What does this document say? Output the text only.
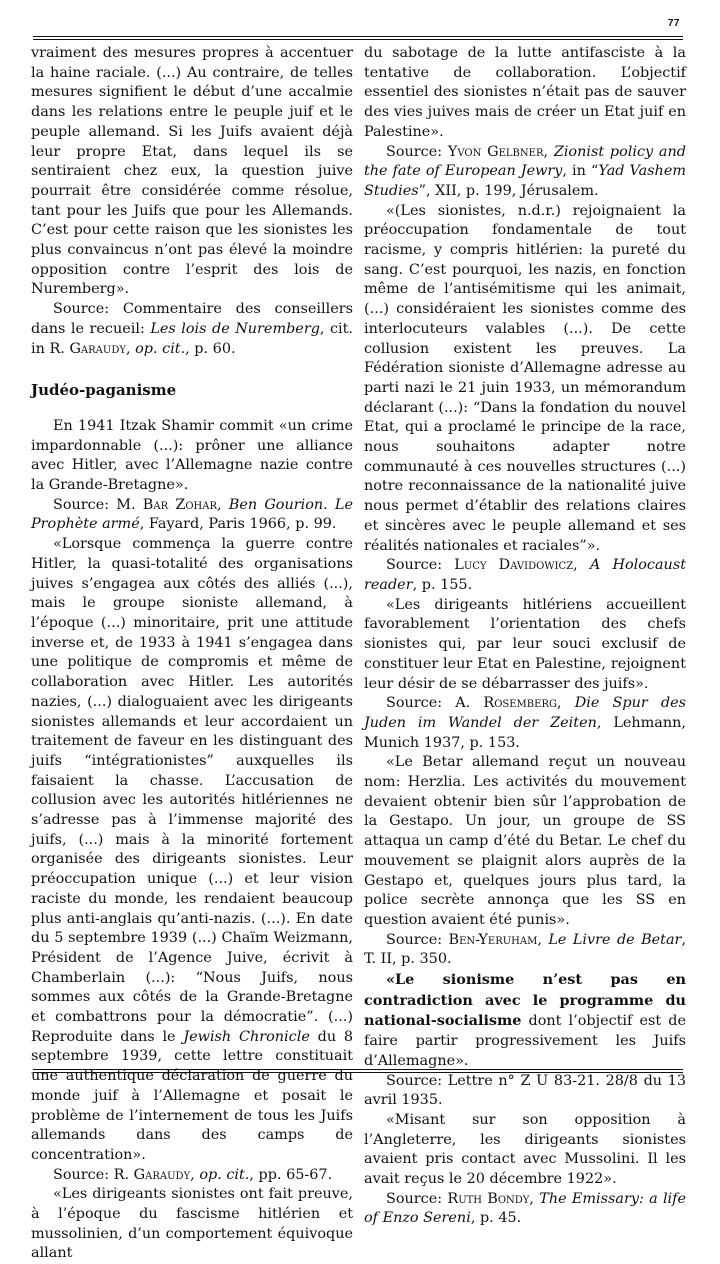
77

vraiment des mesures propres à accentuer la haine raciale. (...) Au contraire, de telles mesures signifient le début d’une accalmie dans les relations entre le peuple juif et le peuple allemand. Si les Juifs avaient déjà leur propre Etat, dans lequel ils se sentiraient chez eux, la question juive pourrait être considérée comme résolue, tant pour les Juifs que pour les Allemands. C’est pour cette raison que les sionistes les plus convaincus n’ont pas élevé la moindre opposition contre l’esprit des lois de Nuremberg».

Source: Commentaire des conseillers dans le recueil: Les lois de Nuremberg, cit. in R. Garaudy, op. cit., p. 60.

Judéo-paganisme

En 1941 Itzak Shamir commit «un crime impardonnable (...): prôner une alliance avec Hitler, avec l’Allemagne nazie contre la Grande-Bretagne».

Source: M. Bar Zohar, Ben Gourion. Le Prophète armé, Fayard, Paris 1966, p. 99.

«Lorsque commença la guerre contre Hitler, la quasi-totalité des organisations juives s’engagea aux côtés des alliés (...), mais le groupe sioniste allemand, à l’époque (...) minoritaire, prit une attitude inverse et, de 1933 à 1941 s’engagea dans une politique de compromis et même de collaboration avec Hitler. Les autorités nazies, (...) dialoguaient avec les dirigeants sionistes allemands et leur accordaient un traitement de faveur en les distinguant des juifs “intégrationistes” auxquelles ils faisaient la chasse. L’accusation de collusion avec les autorités hitlériennes ne s’adresse pas à l’immense majorité des juifs, (...) mais à la minorité fortement organisée des dirigeants sionistes. Leur préoccupation unique (...) et leur vision raciste du monde, les rendaient beaucoup plus anti-anglais qu’anti-nazis. (...). En date du 5 septembre 1939 (...) Chaïm Weizmann, Président de l’Agence Juive, écrivit à Chamberlain (...): “Nous Juifs, nous sommes aux côtés de la Grande-Bretagne et combattrons pour la démocratie”. (...) Reproduite dans le Jewish Chronicle du 8 septembre 1939, cette lettre constituait une authentique déclaration de guerre du monde juif à l’Allemagne et posait le problème de l’internement de tous les Juifs allemands dans des camps de concentration».

Source: R. Garaudy, op. cit., pp. 65-67.

«Les dirigeants sionistes ont fait preuve, à l’époque du fascisme hitlérien et mussolinien, d’un comportement équivoque allant

du sabotage de la lutte antifasciste à la tentative de collaboration. L’objectif essentiel des sionistes n’était pas de sauver des vies juives mais de créer un Etat juif en Palestine».

Source: Yvon Gelbner, Zionist policy and the fate of European Jewry, in “Yad Vashem Studies”, XII, p. 199, Jérusalem.

«(Les sionistes, n.d.r.) rejoignaient la préoccupation fondamentale de tout racisme, y compris hitlérien: la pureté du sang. C’est pourquoi, les nazis, en fonction même de l’antisémitisme qui les animait, (...) considéraient les sionistes comme des interlocuteurs valables (...). De cette collusion existent les preuves. La Fédération sioniste d’Allemagne adresse au parti nazi le 21 juin 1933, un mémorandum déclarant (...): “Dans la fondation du nouvel Etat, qui a proclamé le principe de la race, nous souhaitons adapter notre communauté à ces nouvelles structures (...) notre reconnaissance de la nationalité juive nous permet d’établir des relations claires et sincères avec le peuple allemand et ses réalités nationales et raciales”».

Source: Lucy Davidowicz, A Holocaust reader, p. 155.

«Les dirigeants hitlériens accueillent favorablement l’orientation des chefs sionistes qui, par leur souci exclusif de constituer leur Etat en Palestine, rejoignent leur désir de se débarrasser des juifs».

Source: A. Rosemberg, Die Spur des Juden im Wandel der Zeiten, Lehmann, Munich 1937, p. 153.

«Le Betar allemand reçut un nouveau nom: Herzlia. Les activités du mouvement devaient obtenir bien sûr l’approbation de la Gestapo. Un jour, un groupe de SS attaqua un camp d’été du Betar. Le chef du mouvement se plaignit alors auprès de la Gestapo et, quelques jours plus tard, la police secrète annonça que les SS en question avaient été punis».

Source: Ben-Yeruham, Le Livre de Betar, T. II, p. 350.

«Le sionisme n’est pas en contradiction avec le programme du national-socialisme dont l’objectif est de faire partir progressivement les Juifs d’Allemagne».

Source: Lettre n° Z U 83-21. 28/8 du 13 avril 1935.

«Misant sur son opposition à l’Angleterre, les dirigeants sionistes avaient pris contact avec Mussolini. Il les avait reçus le 20 décembre 1922».

Source: Ruth Bondy, The Emissary: a life of Enzo Sereni, p. 45.
